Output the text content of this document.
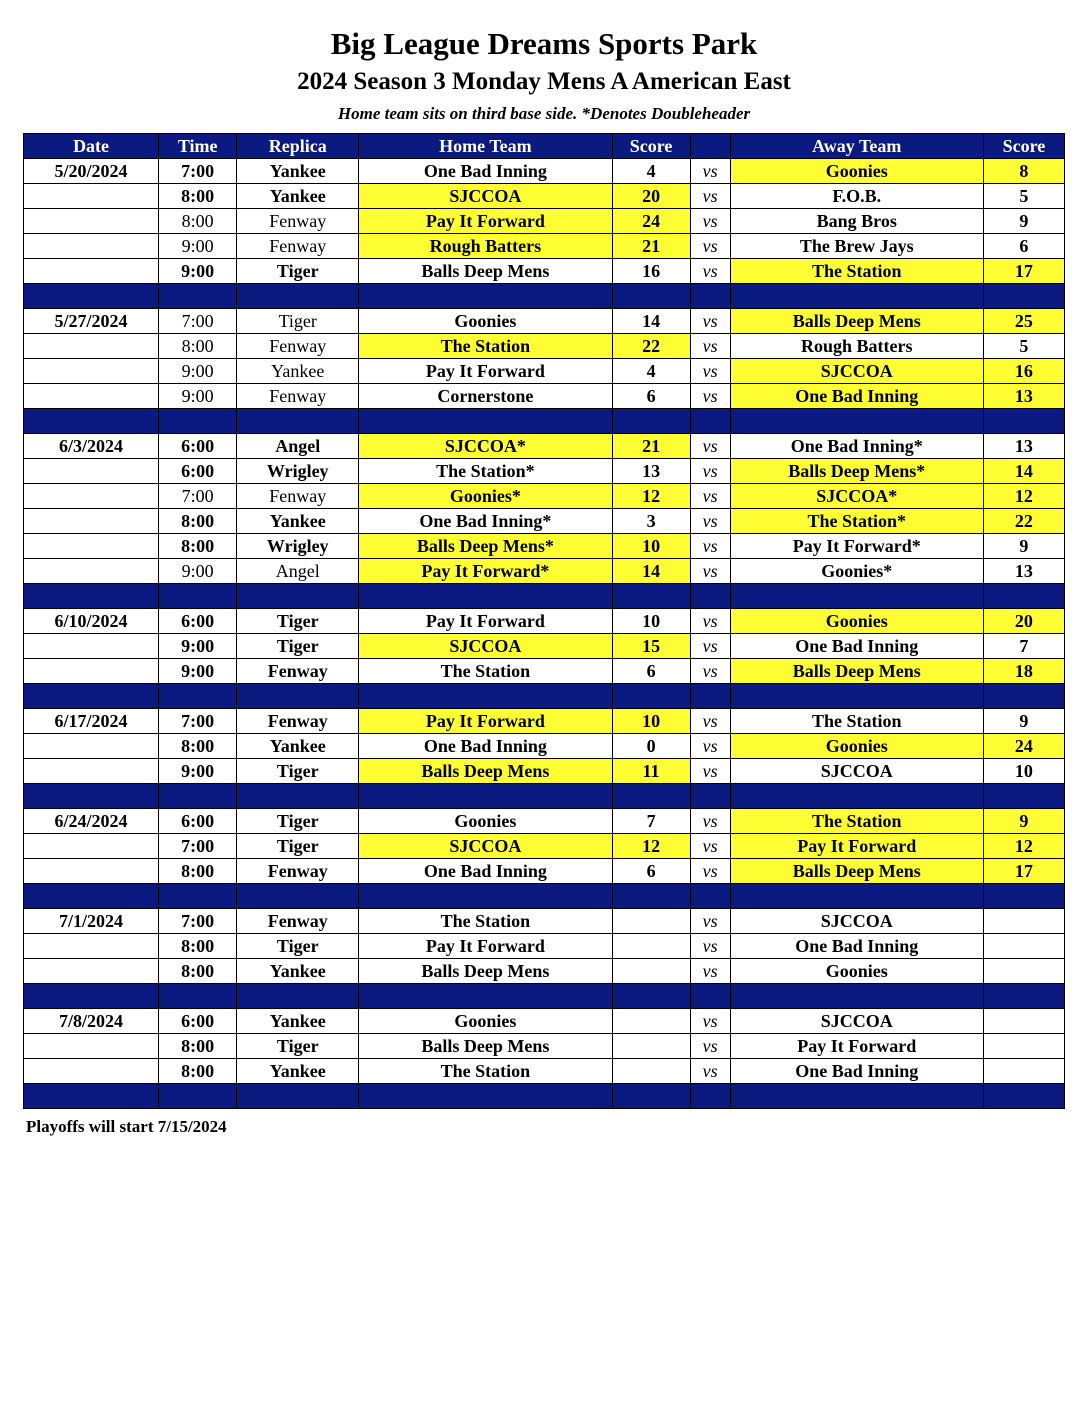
Big League Dreams Sports Park
2024 Season 3 Monday Mens A American East
Home team sits on third base side. *Denotes Doubleheader
Date	Time	Replica	Home Team	Score		Away Team	Score
5/20/2024	7:00	Yankee	One Bad Inning	4	vs	Goonies	8
	8:00	Yankee	SJCCOA	20	vs	F.O.B.	5
	8:00	Fenway	Pay It Forward	24	vs	Bang Bros	9
	9:00	Fenway	Rough Batters	21	vs	The Brew Jays	6
	9:00	Tiger	Balls Deep Mens	16	vs	The Station	17

5/27/2024	7:00	Tiger	Goonies	14	vs	Balls Deep Mens	25
	8:00	Fenway	The Station	22	vs	Rough Batters	5
	9:00	Yankee	Pay It Forward	4	vs	SJCCOA	16
	9:00	Fenway	Cornerstone	6	vs	One Bad Inning	13

6/3/2024	6:00	Angel	SJCCOA*	21	vs	One Bad Inning*	13
	6:00	Wrigley	The Station*	13	vs	Balls Deep Mens*	14
	7:00	Fenway	Goonies*	12	vs	SJCCOA*	12
	8:00	Yankee	One Bad Inning*	3	vs	The Station*	22
	8:00	Wrigley	Balls Deep Mens*	10	vs	Pay It Forward*	9
	9:00	Angel	Pay It Forward*	14	vs	Goonies*	13

6/10/2024	6:00	Tiger	Pay It Forward	10	vs	Goonies	20
	9:00	Tiger	SJCCOA	15	vs	One Bad Inning	7
	9:00	Fenway	The Station	6	vs	Balls Deep Mens	18

6/17/2024	7:00	Fenway	Pay It Forward	10	vs	The Station	9
	8:00	Yankee	One Bad Inning	0	vs	Goonies	24
	9:00	Tiger	Balls Deep Mens	11	vs	SJCCOA	10

6/24/2024	6:00	Tiger	Goonies	7	vs	The Station	9
	7:00	Tiger	SJCCOA	12	vs	Pay It Forward	12
	8:00	Fenway	One Bad Inning	6	vs	Balls Deep Mens	17

7/1/2024	7:00	Fenway	The Station		vs	SJCCOA	
	8:00	Tiger	Pay It Forward		vs	One Bad Inning	
	8:00	Yankee	Balls Deep Mens		vs	Goonies	

7/8/2024	6:00	Yankee	Goonies		vs	SJCCOA	
	8:00	Tiger	Balls Deep Mens		vs	Pay It Forward	
	8:00	Yankee	The Station		vs	One Bad Inning	

Playoffs will start 7/15/2024
